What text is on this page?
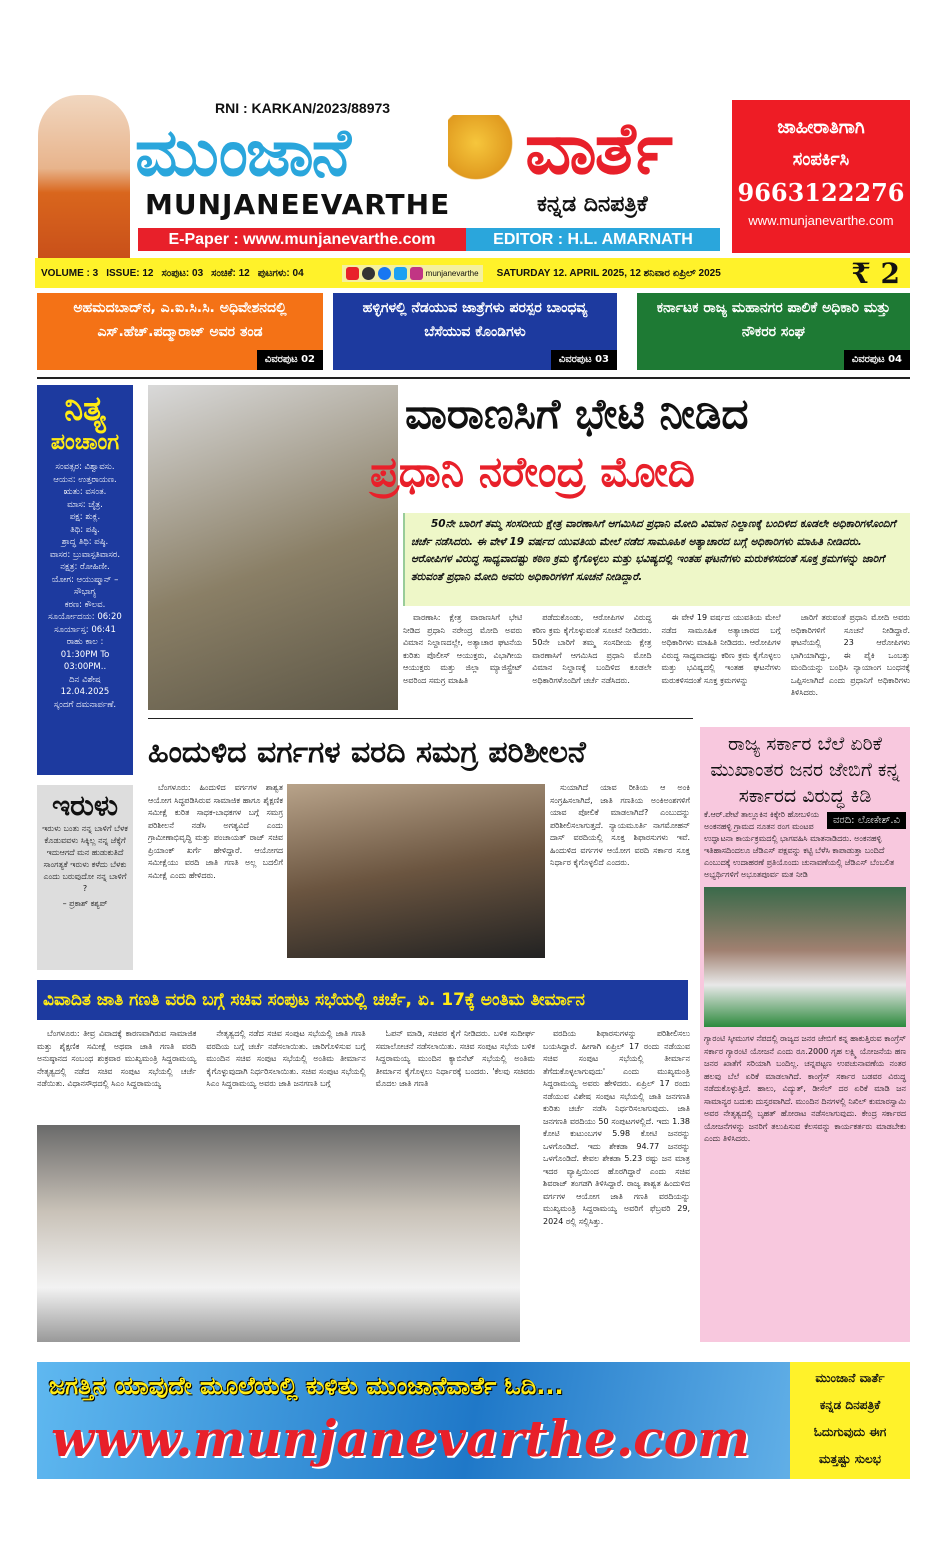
RNI : KARKAN/2023/88973
ಮುಂಜಾನೆ ವಾರ್ತೆ
MUNJANEEVARTHE	ಕನ್ನಡ ದಿನಪತ್ರಿಕೆ
E-Paper : www.munjanevarthe.com	EDITOR : H.L. AMARNATH
ಜಾಹೀರಾತಿಗಾಗಿ
ಸಂಪರ್ಕಿಸಿ
9663122276
www.munjanevarthe.com
VOLUME : 3 ISSUE: 12 ಸಂಪುಟ: 03 ಸಂಚಿಕೆ: 12 ಪುಟಗಳು: 04	munjanevarthe SATURDAY 12. APRIL 2025, 12 ಶನಿವಾರ ಏಪ್ರಿಲ್ 2025	₹ 2
ಅಹಮದಬಾದ್‌ನ, ಎ.ಐ.ಸಿ.ಸಿ. ಅಧಿವೇಶನದಲ್ಲಿ ಎಸ್.ಹೆಚ್.ಪದ್ಮಾರಾಜ್ ಅವರ ತಂಡ
ವಿವರಪುಟ 02
ಹಳ್ಳಿಗಳಲ್ಲಿ ನೆಡಯುವ ಜಾತ್ರೆಗಳು ಪರಸ್ಪರ ಬಾಂಧವ್ಯ ಬೆಸೆಯುವ ಕೊಂಡಿಗಳು
ವಿವರಪುಟ 03
ಕರ್ನಾಟಕ ರಾಜ್ಯ ಮಹಾನಗರ ಪಾಲಿಕೆ ಅಧಿಕಾರಿ ಮತ್ತು ನೌಕರರ ಸಂಘ
ವಿವರಪುಟ 04
ನಿತ್ಯ
ಪಂಚಾಂಗ
ಸಂವತ್ಸರ: ವಿಶ್ವಾವಸು.
ಆಯನ: ಉತ್ತರಾಯಣ.
ಋತು: ವಸಂತ.
ಮಾಸ: ಚೈತ್ರ.
ಪಕ್ಷ: ಶುಕ್ಲ.
ತಿಥಿ: ಪಷ್ಠಿ.
ಶ್ರಾದ್ಧ ತಿಥಿ: ಪಷ್ಠಿ.
ವಾಸರ: ಬ್ರುವಾಸ್ಪತಿವಾಸರ.
ನಕ್ಷತ್ರ: ರೋಹಿಣೀ.
ಯೋಗ: ಆಯುಷ್ಮಾನ್ – ಸೌಭಾಗ್ಯ
ಕರಣ: ಕೌಲವ.
ಸೂರ್ಯೋದಯ: 06:20
ಸೂರ್ಯಾಸ್ತ: 06:41
ರಾಹು ಕಾಲ :
01:30PM To 03:00PM..
ದಿನ ವಿಶೇಷ
12.04.2025
ಸ್ಕಂದಗೆ ದಮನಾರ್ಪಣೆ.
ವಾರಾಣಸಿಗೆ ಭೇಟಿ ನೀಡಿದ
ಪ್ರಧಾನಿ ನರೇಂದ್ರ ಮೋದಿ
50ನೇ ಬಾರಿಗೆ ತಮ್ಮ ಸಂಸದೀಯ ಕ್ಷೇತ್ರ ವಾರಣಾಸಿಗೆ ಆಗಮಿಸಿದ ಪ್ರಧಾನಿ ಮೋದಿ ವಿಮಾನ ನಿಲ್ದಾಣಕ್ಕೆ ಬಂದಿಳಿದ ಕೂಡಲೇ ಅಧಿಕಾರಿಗಳೊಂದಿಗೆ ಚರ್ಚೆ ನಡೆಸಿದರು. ಈ ವೇಳೆ 19 ವರ್ಷದ ಯುವತಿಯ ಮೇಲೆ ನಡೆದ ಸಾಮೂಹಿಕ ಅತ್ಯಾಚಾರದ ಬಗ್ಗೆ ಅಧಿಕಾರಿಗಳು ಮಾಹಿತಿ ನೀಡಿದರು. ಆರೋಪಿಗಳ ವಿರುದ್ಧ ಸಾಧ್ಯವಾದಷ್ಟು ಕಠಿಣ ಕ್ರಮ ಕೈಗೊಳ್ಳಲು ಮತ್ತು ಭವಿಷ್ಯದಲ್ಲಿ ಇಂತಹ ಘಟನೆಗಳು ಮರುಕಳಿಸದಂತೆ ಸೂಕ್ತ ಕ್ರಮಗಳನ್ನು ಜಾರಿಗೆ ತರುವಂತೆ ಪ್ರಧಾನಿ ಮೋದಿ ಅವರು ಅಧಿಕಾರಿಗಳಿಗೆ ಸೂಚನೆ ನೀಡಿದ್ದಾರೆ.

ವಾರಣಾಸಿ: ಕ್ಷೇತ್ರ ವಾರಾಣಸಿಗೆ ಭೇಟಿ ನೀಡಿದ ಪ್ರಧಾನಿ ನರೇಂದ್ರ ಮೋದಿ ಅವರು ವಿಮಾನ ನಿಲ್ದಾಣದಲ್ಲೇ, ಅತ್ಯಾಚಾರ ಘಟನೆಯ ಕುರಿತು ಪೊಲೀಸ್ ಆಯುಕ್ತರು, ವಿಭಾಗೀಯ ಆಯುಕ್ತರು ಮತ್ತು ಜಿಲ್ಲಾ ಮ್ಯಾಜಿಸ್ಟ್ರೇಟ್ ಅವರಿಂದ ಸಮಗ್ರ ಮಾಹಿತಿ

ಪಡೆದುಕೊಂಡು, ಆರೋಪಿಗಳ ವಿರುದ್ಧ ಕಠಿಣ ಕ್ರಮ ಕೈಗೊಳ್ಳುವಂತೆ ಸೂಚನೆ ನೀಡಿದರು. 50ನೇ ಬಾರಿಗೆ ತಮ್ಮ ಸಂಸದೀಯ ಕ್ಷೇತ್ರ ವಾರಣಾಸಿಗೆ ಆಗಮಿಸಿದ ಪ್ರಧಾನಿ ಮೋದಿ ವಿಮಾನ ನಿಲ್ದಾಣಕ್ಕೆ ಬಂದಿಳಿದ ಕೂಡಲೇ ಅಧಿಕಾರಿಗಳೊಂದಿಗೆ ಚರ್ಚೆ ನಡೆಸಿದರು.

ಈ ವೇಳೆ 19 ವರ್ಷದ ಯುವತಿಯ ಮೇಲೆ ನಡೆದ ಸಾಮೂಹಿಕ ಅತ್ಯಾಚಾರದ ಬಗ್ಗೆ ಅಧಿಕಾರಿಗಳು ಮಾಹಿತಿ ನೀಡಿದರು. ಆರೋಪಿಗಳ ವಿರುದ್ಧ ಸಾಧ್ಯವಾದಷ್ಟು ಕಠಿಣ ಕ್ರಮ ಕೈಗೊಳ್ಳಲು ಮತ್ತು ಭವಿಷ್ಯದಲ್ಲಿ ಇಂತಹ ಘಟನೆಗಳು ಮರುಕಳಿಸದಂತೆ ಸೂಕ್ತ ಕ್ರಮಗಳನ್ನು

ಜಾರಿಗೆ ತರುವಂತೆ ಪ್ರಧಾನಿ ಮೋದಿ ಅವರು ಅಧಿಕಾರಿಗಳಿಗೆ ಸೂಚನೆ ನೀಡಿದ್ದಾರೆ. ಘಟನೆಯಲ್ಲಿ 23 ಆರೋಪಿಗಳು ಭಾಗಿಯಾಗಿದ್ದು, ಈ ಪೈಕಿ ಒಂಬತ್ತು ಮಂದಿಯನ್ನು ಬಂಧಿಸಿ ನ್ಯಾಯಾಂಗ ಬಂಧನಕ್ಕೆ ಒಪ್ಪಿಸಲಾಗಿದೆ ಎಂದು ಪ್ರಧಾನಿಗೆ ಅಧಿಕಾರಿಗಳು ತಿಳಿಸಿದರು.

ಹಿಂದುಳಿದ ವರ್ಗಗಳ ವರದಿ ಸಮಗ್ರ ಪರಿಶೀಲನೆ

ಬೆಂಗಳೂರು: ಹಿಂದುಳಿದ ವರ್ಗಗಳ ಶಾಶ್ವತ ಆಯೋಗ ಸಿದ್ಧಪಡಿಸಿರುವ ಸಾಮಾಜಿಕ ಹಾಗೂ ಶೈಕ್ಷಣಿಕ ಸಮೀಕ್ಷೆ ಕುರಿತ ಸಾಧಕ-ಬಾಧಕಗಳ ಬಗ್ಗೆ ಸಮಗ್ರ ಪರಿಶೀಲನೆ ನಡೆಸಿ ಅಗತ್ಯವಿದೆ ಎಂದು ಗ್ರಾಮೀಣಾಭಿವೃದ್ಧಿ ಮತ್ತು ಪಂಚಾಯತ್ ರಾಜ್ ಸಚಿವ ಪ್ರಿಯಾಂಕ್ ಖರ್ಗೆ ಹೇಳಿದ್ದಾರೆ. ಆಯೋಗದ ಸಮೀಕ್ಷೆಯು ವರದಿ ಜಾತಿ ಗಣತಿ ಅಲ್ಲ ಬದಲಿಗೆ ಸಮೀಕ್ಷೆ ಎಂದು ಹೇಳಿದರು.

ಸುಯಾಗಿದೆ ಯಾವ ರೀತಿಯ ಆ ಅಂಕಿ ಸಂಗ್ರಹಿಸಲಾಗಿದೆ, ಜಾತಿ ಗಣತಿಯ ಅಂಕಿಅಂಶಗಳಿಗೆ ಯಾವ ಪೋಲಿಕೆ ಮಾಡಲಾಗಿದೆ? ಎಂಬುದನ್ನು ಪರಿಶೀಲಿಸಲಾಗುತ್ತದೆ. ನ್ಯಾಯಮೂರ್ತಿ ನಾಗಮೋಹನ್ ದಾಸ್ ವರದಿಯಲ್ಲಿ ಸೂಕ್ತ ಶಿಫಾರಸುಗಳು ಇವೆ. ಹಿಂದುಳಿದ ವರ್ಗಗಳ ಆಯೋಗ ವರದಿ ಸರ್ಕಾರ ಸೂಕ್ತ ನಿರ್ಧಾರ ಕೈಗೊಳ್ಳಲಿದೆ ಎಂದರು.

ರಾಜ್ಯ ಸರ್ಕಾರ ಬೆಲೆ ಏರಿಕೆ ಮುಖಾಂತರ ಜನರ ಜೇಬಿಗೆ ಕನ್ನ ಸರ್ಕಾರದ ವಿರುದ್ಧ ಕಿಡಿ
ವರದಿ: ಲೋಕೇಶ್.ವಿ

ಕೆ.ಆರ್.ಪೇಟೆ ತಾಲ್ಲೂಕಿನ ಕಿಕ್ಕೇರಿ ಹೋಬಳಿಯ ಅಂಕನಹಳ್ಳಿ ಗ್ರಾಮದ ನೂತನ ರಂಗ ಮಂಟಪ ಉದ್ಘಾಟನಾ ಕಾರ್ಯಕ್ರಮದಲ್ಲಿ ಭಾಗವಹಿಸಿ ಮಾತನಾಡಿದರು. ಅಂಕನಹಳ್ಳಿ ಇತಿಹಾಸದಿಂದಲೂ ಜೆಡಿಎಸ್ ಪಕ್ಷವನ್ನು ಕಟ್ಟಿ ಬೆಳೆಸಿ ಕಾಪಾಡುತ್ತಾ ಬಂದಿದೆ ಎಂಬುದಕ್ಕೆ ಉದಾಹರಣೆ ಪ್ರತಿಯೊಂದು ಚುನಾವಣೆಯಲ್ಲಿ ಜೆಡಿಎಸ್ ಬೆಂಬಲಿತ ಅಭ್ಯರ್ಥಿಗಳಿಗೆ ಅಭೂತಪೂರ್ವ ಮತ ನೀಡಿ

ಗ್ಯಾರಂಟಿ ಸ್ಕೀಮುಗಳ ನೆಪದಲ್ಲಿ ರಾಜ್ಯದ ಜನರ ಜೇಬಿಗೆ ಕನ್ನ ಹಾಕುತ್ತಿರುವ ಕಾಂಗ್ರೆಸ್ ಸರ್ಕಾರ ಗ್ಯಾರಂಟಿ ಯೋಜನೆ ಎಂದು ರೂ.2000 ಗೃಹ ಲಕ್ಷ್ಮಿ ಯೋಜನೆಯ ಹಣ ಜನರ ಖಾತೆಗೆ ಸರಿಯಾಗಿ ಬಂದಿಲ್ಲ. ಚನ್ನಪಟ್ಟಣ ಉಪಚುನಾವಣೆಯ ನಂತರ ಹಲವು ಬೆಲೆ ಏರಿಕೆ ಮಾಡಲಾಗಿದೆ. ಕಾಂಗ್ರೆಸ್ ಸರ್ಕಾರ ಬಡವರ ವಿರುದ್ಧ ನಡೆದುಕೊಳ್ಳುತ್ತಿದೆ. ಹಾಲು, ವಿದ್ಯುತ್, ಡೀಸೆಲ್ ದರ ಏರಿಕೆ ಮಾಡಿ ಜನ ಸಾಮಾನ್ಯರ ಬದುಕು ದುಸ್ತರವಾಗಿದೆ. ಮುಂದಿನ ದಿನಗಳಲ್ಲಿ ನಿಖಿಲ್ ಕುಮಾರಸ್ವಾಮಿ ಅವರ ನೇತೃತ್ವದಲ್ಲಿ ಬೃಹತ್ ಹೋರಾಟ ನಡೆಸಲಾಗುವುದು. ಕೇಂದ್ರ ಸರ್ಕಾರದ ಯೋಜನೆಗಳನ್ನು ಜನರಿಗೆ ತಲುಪಿಸುವ ಕೆಲಸವನ್ನು ಕಾರ್ಯಕರ್ತರು ಮಾಡಬೇಕು ಎಂದು ತಿಳಿಸಿದರು.

ಇರುಳು

ಇರುಳು ಬಂತು ನನ್ನ ಬಾಳಿಗೆ ಬೆಳಕ ಕೊಡುವವಳು ಸಿಕ್ಕಿಲ್ಲ ನನ್ನ ಜೆಕ್ಕೆಗೆ ಇದುಆಗದೆ ಮನ ಹುಡುಕುತಿದೆ ಸಾಂಗತ್ಯಕೆ ಇರುಳು ಕಳೆದು ಬೆಳಕು ಎಂದು ಬರುವುದೋ ನನ್ನ ಬಾಳಿಗೆ ?

– ಪ್ರಕಾಶ್ ಕಶ್ಯಪ್

ವಿವಾದಿತ ಜಾತಿ ಗಣತಿ ವರದಿ ಬಗ್ಗೆ ಸಚಿವ ಸಂಪುಟ ಸಭೆಯಲ್ಲಿ ಚರ್ಚೆ, ಏ. 17ಕ್ಕೆ ಅಂತಿಮ ತೀರ್ಮಾನ

ಬೆಂಗಳೂರು: ತೀವ್ರ ವಿವಾದಕ್ಕೆ ಕಾರಣವಾಗಿರುವ ಸಾಮಾಜಿಕ ಮತ್ತು ಶೈಕ್ಷಣಿಕ ಸಮೀಕ್ಷೆ ಅಥವಾ ಜಾತಿ ಗಣತಿ ವರದಿ ಅನುಷ್ಠಾನದ ಸಂಬಂಧ ಶುಕ್ರವಾರ ಮುಖ್ಯಮಂತ್ರಿ ಸಿದ್ದರಾಮಯ್ಯ ನೇತೃತ್ವದಲ್ಲಿ ನಡೆದ ಸಚಿವ ಸಂಪುಟ ಸಭೆಯಲ್ಲಿ ಚರ್ಚೆ ನಡೆಯಿತು. ವಿಧಾನಸೌಧದಲ್ಲಿ ಸಿಎಂ ಸಿದ್ದರಾಮಯ್ಯ

ನೇತೃತ್ವದಲ್ಲಿ ನಡೆದ ಸಚಿವ ಸಂಪುಟ ಸಭೆಯಲ್ಲಿ ಜಾತಿ ಗಣತಿ ವರದಿಯ ಬಗ್ಗೆ ಚರ್ಚೆ ನಡೆಸಲಾಯಿತು. ಚಾರಿಗೊಳಿಸುವ ಬಗ್ಗೆ ಮುಂದಿನ ಸಚಿವ ಸಂಪುಟ ಸಭೆಯಲ್ಲಿ ಅಂತಿಮ ತೀರ್ಮಾನ ಕೈಗೊಳ್ಳುವುದಾಗಿ ನಿರ್ಧರಿಸಲಾಯಿತು. ಸಚಿವ ಸಂಪುಟ ಸಭೆಯಲ್ಲಿ ಸಿಎಂ ಸಿದ್ದರಾಮಯ್ಯ ಅವರು ಜಾತಿ ಜನಗಣತಿ ಬಗ್ಗೆ

ಓಪನ್ ಮಾಡಿ, ಸಚಿವರ ಕೈಗೆ ನೀಡಿದರು. ಬಳಿಕ ಸುದೀರ್ಘ ಸಮಾಲೋಚನೆ ನಡೆಸಲಾಯಿತು. ಸಚಿವ ಸಂಪುಟ ಸಭೆಯ ಬಳಿಕ ಸಿದ್ದರಾಮಯ್ಯ ಮುಂದಿನ ಕ್ಯಾಬಿನೆಟ್ ಸಭೆಯಲ್ಲಿ ಅಂತಿಮ ತೀರ್ಮಾನ ಕೈಗೊಳ್ಳಲು ನಿರ್ಧಾರಕ್ಕೆ ಬಂದರು. 'ಕೆಲವು ಸಚಿವರು ಮೊದಲ ಜಾತಿ ಗಣತಿ

ವರದಿಯ ಶಿಫಾರಸುಗಳನ್ನು ಪರಿಶೀಲಿಸಲು ಬಯಸಿದ್ದಾರೆ. ಹೀಗಾಗಿ ಏಪ್ರಿಲ್ 17 ರಂದು ನಡೆಯುವ ಸಚಿವ ಸಂಪುಟ ಸಭೆಯಲ್ಲಿ ತೀರ್ಮಾನ ತೆಗೆದುಕೊಳ್ಳಲಾಗುವುದು' ಎಂದು ಮುಖ್ಯಮಂತ್ರಿ ಸಿದ್ದರಾಮಯ್ಯ ಅವರು ಹೇಳಿದರು. ಏಪ್ರಿಲ್ 17 ರಂದು ನಡೆಯುವ ವಿಶೇಷ ಸಂಪುಟ ಸಭೆಯಲ್ಲಿ ಜಾತಿ ಜನಗಣತಿ ಕುರಿತು ಚರ್ಚೆ ನಡೆಸಿ ನಿರ್ಧರಿಸಲಾಗುವುದು. ಜಾತಿ ಜನಗಣತಿ ವರದಿಯು 50 ಸಂಪುಟಗಳಲ್ಲಿದೆ. ಇದು 1.38 ಕೋಟಿ ಕುಟುಂಬಗಳ 5.98 ಕೋಟಿ ಜನರನ್ನು ಒಳಗೊಂಡಿದೆ. ಇದು ಶೇಕಡಾ 94.77 ಜನರನ್ನು ಒಳಗೊಂಡಿದೆ. ಕೇವಲ ಶೇಕಡಾ 5.23 ರಷ್ಟು ಜನ ಮಾತ್ರ ಇದರ ವ್ಯಾಪ್ತಿಯಿಂದ ಹೊರಗಿದ್ದಾರೆ ಎಂದು ಸಚಿವ ಶಿವರಾಜ್ ತಂಗಡಗಿ ತಿಳಿಸಿದ್ದಾರೆ. ರಾಜ್ಯ ಶಾಶ್ವತ ಹಿಂದುಳಿದ ವರ್ಗಗಳ ಆಯೋಗ ಜಾತಿ ಗಣತಿ ವರದಿಯನ್ನು ಮುಖ್ಯಮಂತ್ರಿ ಸಿದ್ದರಾಮಯ್ಯ ಅವರಿಗೆ ಫೆಬ್ರವರಿ 29, 2024 ರಲ್ಲಿ ಸಲ್ಲಿಸಿತ್ತು.

ಜಗತ್ತಿನ ಯಾವುದೇ ಮೂಲೆಯಲ್ಲಿ ಕುಳಿತು ಮುಂಜಾನೆವಾರ್ತೆ ಓದಿ...
www.munjanevarthe.com
ಮುಂಜಾನೆ ವಾರ್ತೆ
ಕನ್ನಡ ದಿನಪತ್ರಿಕೆ
ಓದುಗುವುದು ಈಗ
ಮತ್ತಷ್ಟು ಸುಲಭ
